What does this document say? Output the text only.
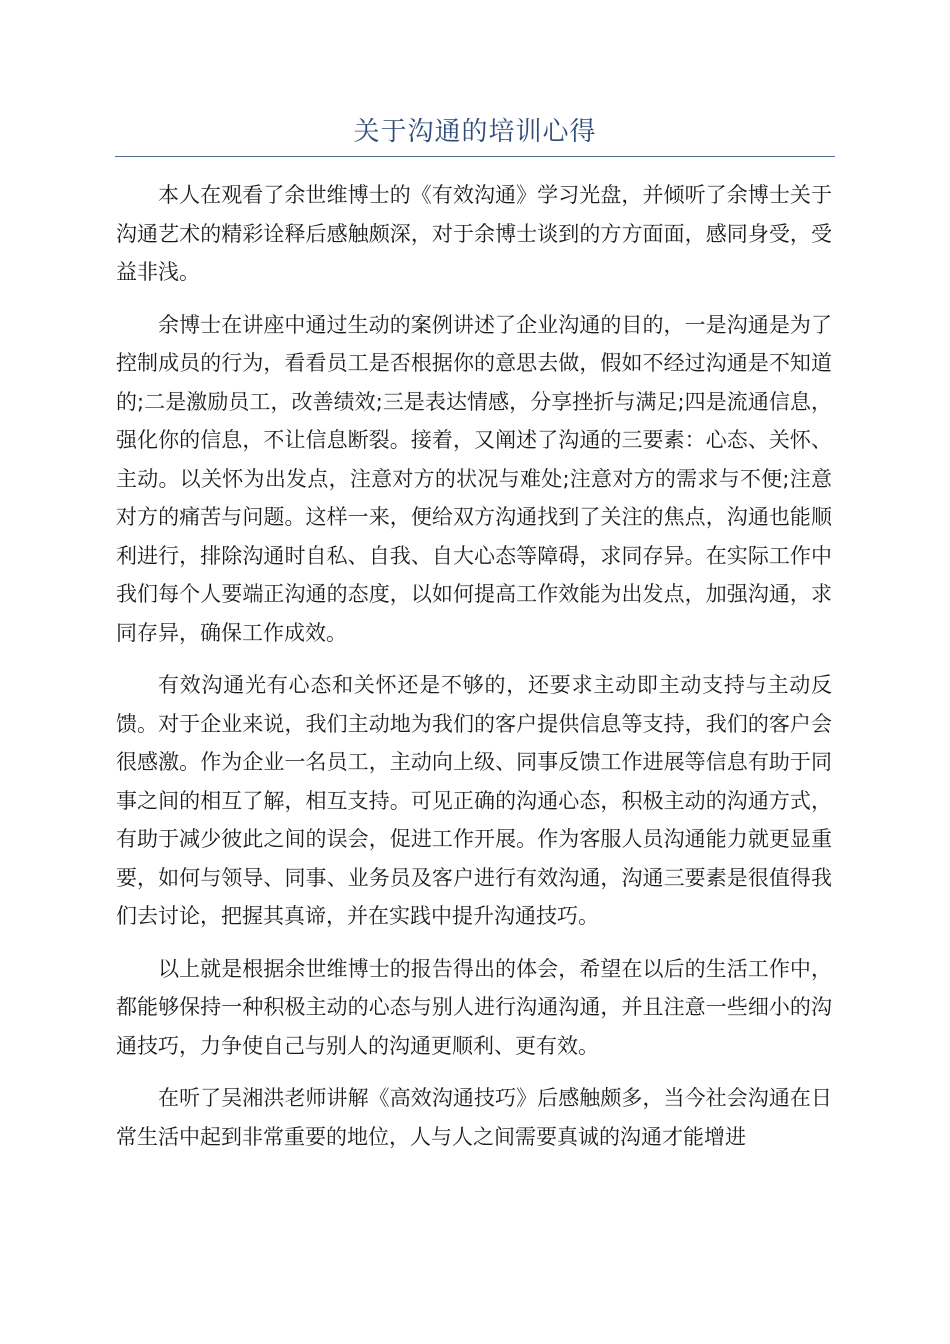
关于沟通的培训心得

本人在观看了余世维博士的《有效沟通》学习光盘，并倾听了余博士关于沟通艺术的精彩诠释后感触颇深，对于余博士谈到的方方面面，感同身受，受益非浅。

余博士在讲座中通过生动的案例讲述了企业沟通的目的，一是沟通是为了控制成员的行为，看看员工是否根据你的意思去做，假如不经过沟通是不知道的;二是激励员工，改善绩效;三是表达情感，分享挫折与满足;四是流通信息，强化你的信息，不让信息断裂。接着，又阐述了沟通的三要素：心态、关怀、主动。以关怀为出发点，注意对方的状况与难处;注意对方的需求与不便;注意对方的痛苦与问题。这样一来，便给双方沟通找到了关注的焦点，沟通也能顺利进行，排除沟通时自私、自我、自大心态等障碍，求同存异。在实际工作中我们每个人要端正沟通的态度，以如何提高工作效能为出发点，加强沟通，求同存异，确保工作成效。

有效沟通光有心态和关怀还是不够的，还要求主动即主动支持与主动反馈。对于企业来说，我们主动地为我们的客户提供信息等支持，我们的客户会很感激。作为企业一名员工，主动向上级、同事反馈工作进展等信息有助于同事之间的相互了解，相互支持。可见正确的沟通心态，积极主动的沟通方式，有助于减少彼此之间的误会，促进工作开展。作为客服人员沟通能力就更显重要，如何与领导、同事、业务员及客户进行有效沟通，沟通三要素是很值得我们去讨论，把握其真谛，并在实践中提升沟通技巧。

以上就是根据余世维博士的报告得出的体会，希望在以后的生活工作中，都能够保持一种积极主动的心态与别人进行沟通沟通，并且注意一些细小的沟通技巧，力争使自己与别人的沟通更顺利、更有效。

在听了吴湘洪老师讲解《高效沟通技巧》后感触颇多，当今社会沟通在日常生活中起到非常重要的地位，人与人之间需要真诚的沟通才能增进
